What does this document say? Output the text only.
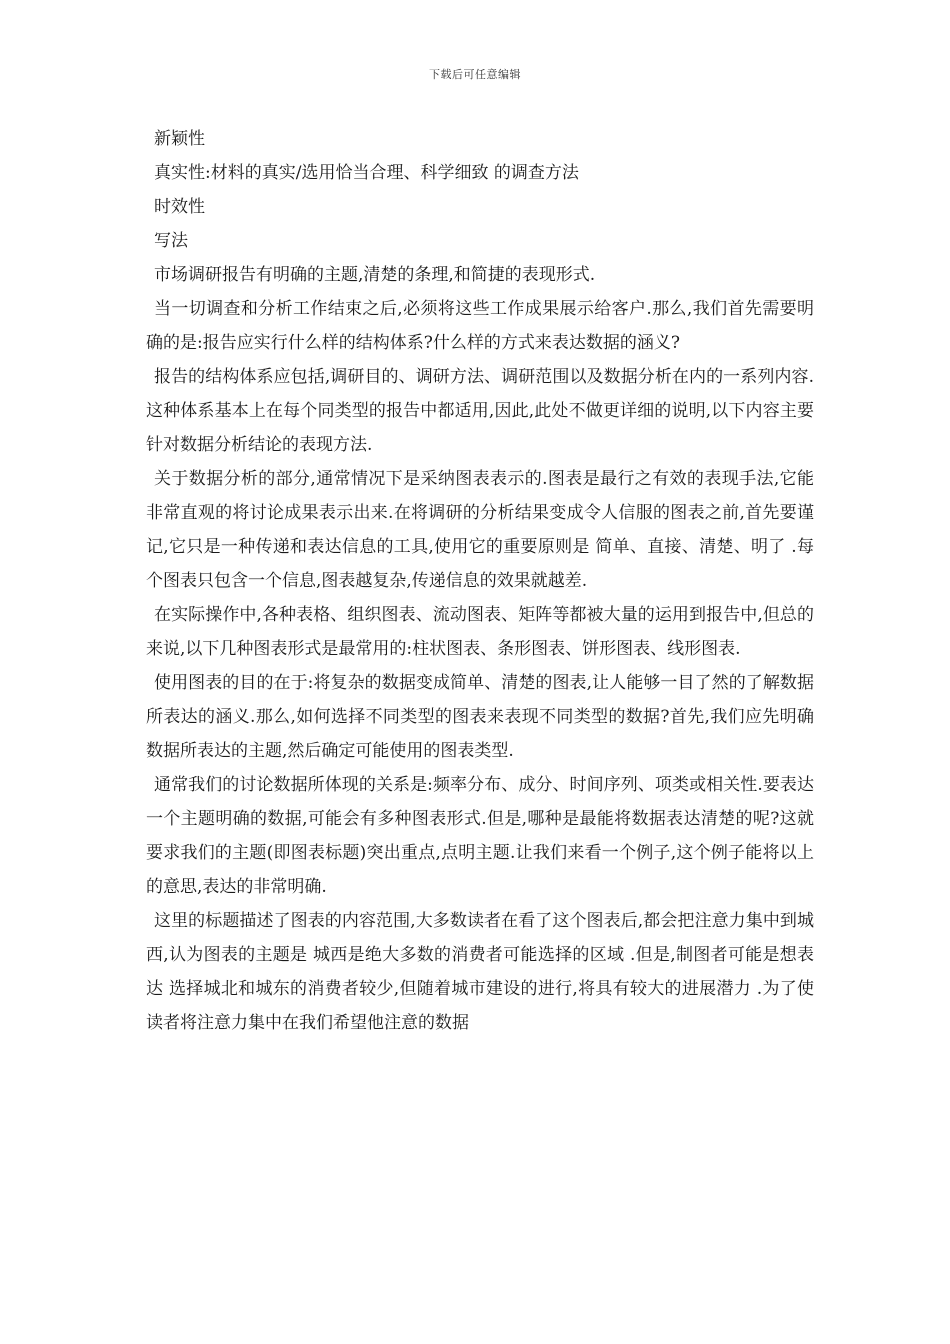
下载后可任意编辑

新颖性

真实性:材料的真实/选用恰当合理、科学细致 的调查方法

时效性

写法

市场调研报告有明确的主题,清楚的条理,和简捷的表现形式.

当一切调查和分析工作结束之后,必须将这些工作成果展示给客户.那么,我们首先需要明确的是:报告应实行什么样的结构体系?什么样的方式来表达数据的涵义?

报告的结构体系应包括,调研目的、调研方法、调研范围以及数据分析在内的一系列内容.这种体系基本上在每个同类型的报告中都适用,因此,此处不做更详细的说明,以下内容主要针对数据分析结论的表现方法.

关于数据分析的部分,通常情况下是采纳图表表示的.图表是最行之有效的表现手法,它能非常直观的将讨论成果表示出来.在将调研的分析结果变成令人信服的图表之前,首先要谨记,它只是一种传递和表达信息的工具,使用它的重要原则是 简单、直接、清楚、明了 .每个图表只包含一个信息,图表越复杂,传递信息的效果就越差.

在实际操作中,各种表格、组织图表、流动图表、矩阵等都被大量的运用到报告中,但总的来说,以下几种图表形式是最常用的:柱状图表、条形图表、饼形图表、线形图表.

使用图表的目的在于:将复杂的数据变成简单、清楚的图表,让人能够一目了然的了解数据所表达的涵义.那么,如何选择不同类型的图表来表现不同类型的数据?首先,我们应先明确数据所表达的主题,然后确定可能使用的图表类型.

通常我们的讨论数据所体现的关系是:频率分布、成分、时间序列、项类或相关性.要表达一个主题明确的数据,可能会有多种图表形式.但是,哪种是最能将数据表达清楚的呢?这就要求我们的主题(即图表标题)突出重点,点明主题.让我们来看一个例子,这个例子能将以上的意思,表达的非常明确.

这里的标题描述了图表的内容范围,大多数读者在看了这个图表后,都会把注意力集中到城西,认为图表的主题是 城西是绝大多数的消费者可能选择的区域 .但是,制图者可能是想表达 选择城北和城东的消费者较少,但随着城市建设的进行,将具有较大的进展潜力 .为了使读者将注意力集中在我们希望他注意的数据
